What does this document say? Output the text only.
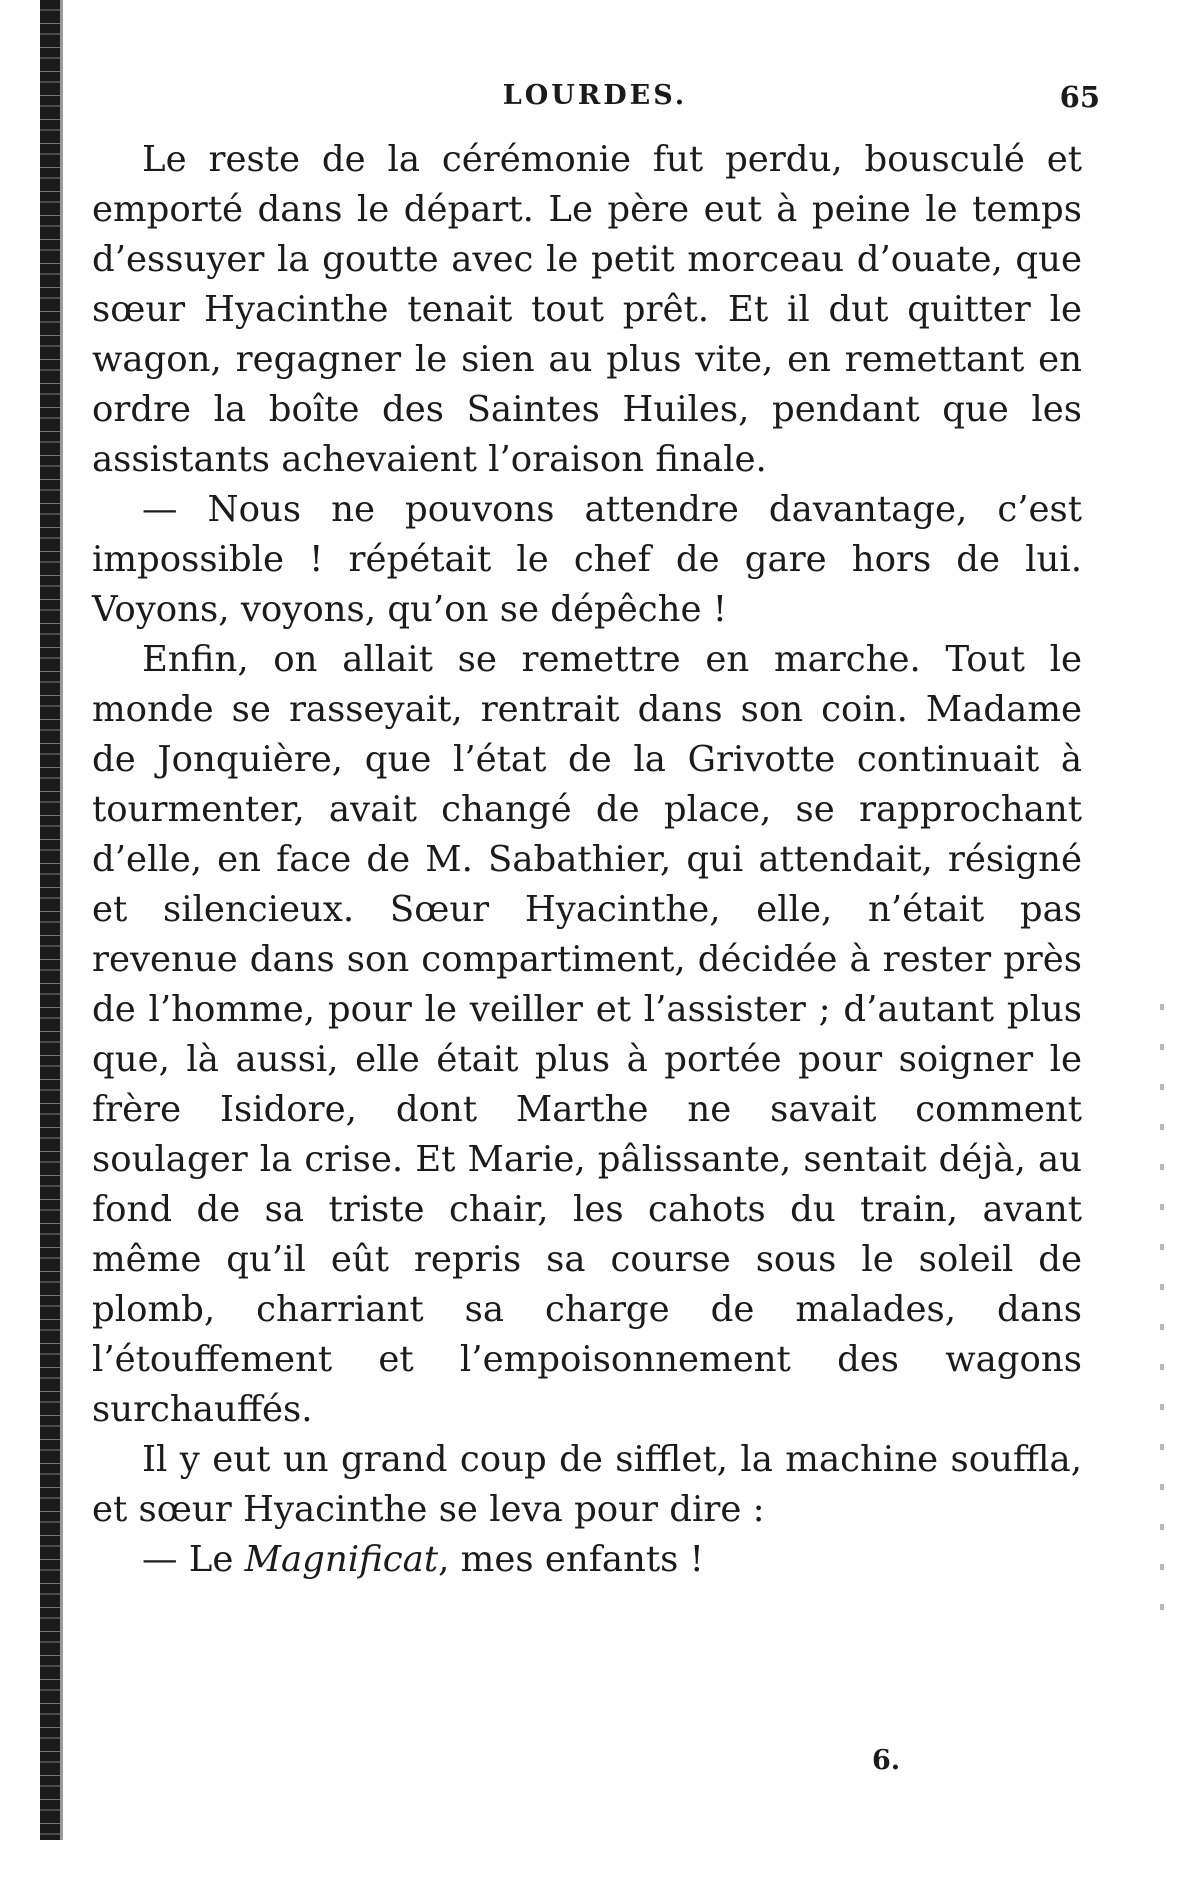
LOURDES.	65

Le reste de la cérémonie fut perdu, bousculé et emporté dans le départ. Le père eut à peine le temps d’essuyer la goutte avec le petit morceau d’ouate, que sœur Hyacinthe tenait tout prêt. Et il dut quitter le wagon, regagner le sien au plus vite, en remettant en ordre la boîte des Saintes Huiles, pendant que les assistants achevaient l’oraison finale.

— Nous ne pouvons attendre davantage, c’est impossible ! répétait le chef de gare hors de lui. Voyons, voyons, qu’on se dépêche !

Enfin, on allait se remettre en marche. Tout le monde se rasseyait, rentrait dans son coin. Madame de Jonquière, que l’état de la Grivotte continuait à tourmenter, avait changé de place, se rapprochant d’elle, en face de M. Sabathier, qui attendait, résigné et silencieux. Sœur Hyacinthe, elle, n’était pas revenue dans son compartiment, décidée à rester près de l’homme, pour le veiller et l’assister ; d’autant plus que, là aussi, elle était plus à portée pour soigner le frère Isidore, dont Marthe ne savait comment soulager la crise. Et Marie, pâlissante, sentait déjà, au fond de sa triste chair, les cahots du train, avant même qu’il eût repris sa course sous le soleil de plomb, charriant sa charge de malades, dans l’étouffement et l’empoisonnement des wagons surchauffés.

Il y eut un grand coup de sifflet, la machine souffla, et sœur Hyacinthe se leva pour dire :

— Le Magnificat, mes enfants !

6.
